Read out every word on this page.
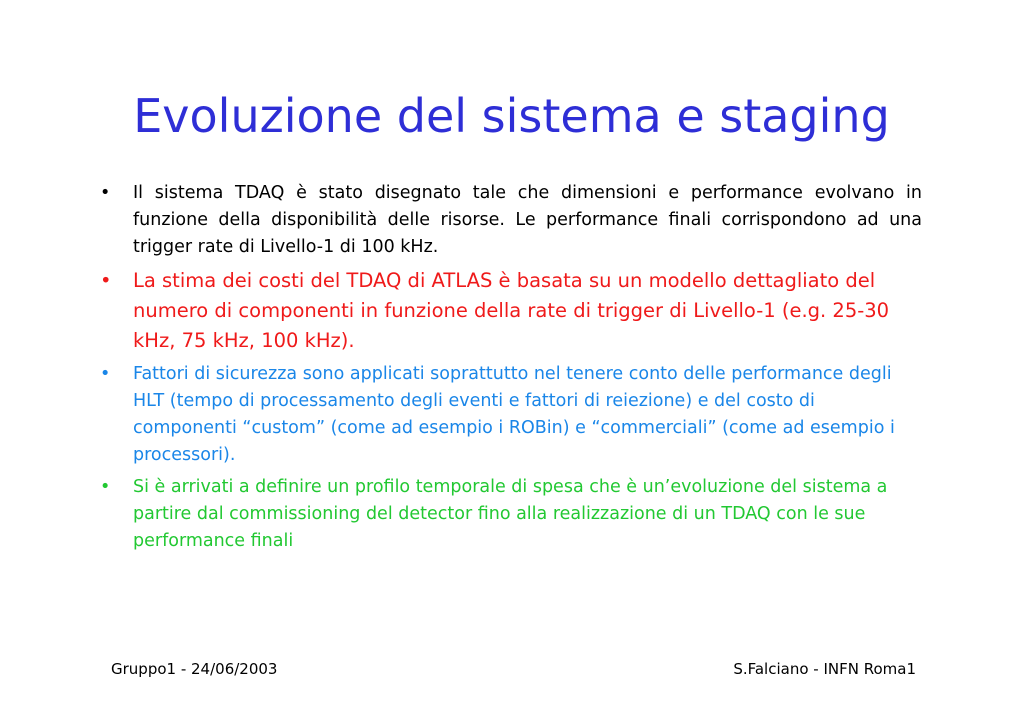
Evoluzione del sistema e staging
• Il sistema TDAQ è stato disegnato tale che dimensioni e performance evolvano in funzione della disponibilità delle risorse. Le performance finali corrispondono ad una trigger rate di Livello-1 di 100 kHz.
• La stima dei costi del TDAQ di ATLAS è basata su un modello dettagliato del numero di componenti in funzione della rate di trigger di Livello-1 (e.g. 25-30 kHz, 75 kHz, 100 kHz).
• Fattori di sicurezza sono applicati soprattutto nel tenere conto delle performance degli HLT (tempo di processamento degli eventi e fattori di reiezione) e del costo di componenti “custom” (come ad esempio i ROBin) e “commerciali” (come ad esempio i processori).
• Si è arrivati a definire un profilo temporale di spesa che è un’evoluzione del sistema a partire dal commissioning del detector fino alla realizzazione di un TDAQ con le sue performance finali
Gruppo1 - 24/06/2003	S.Falciano - INFN Roma1
